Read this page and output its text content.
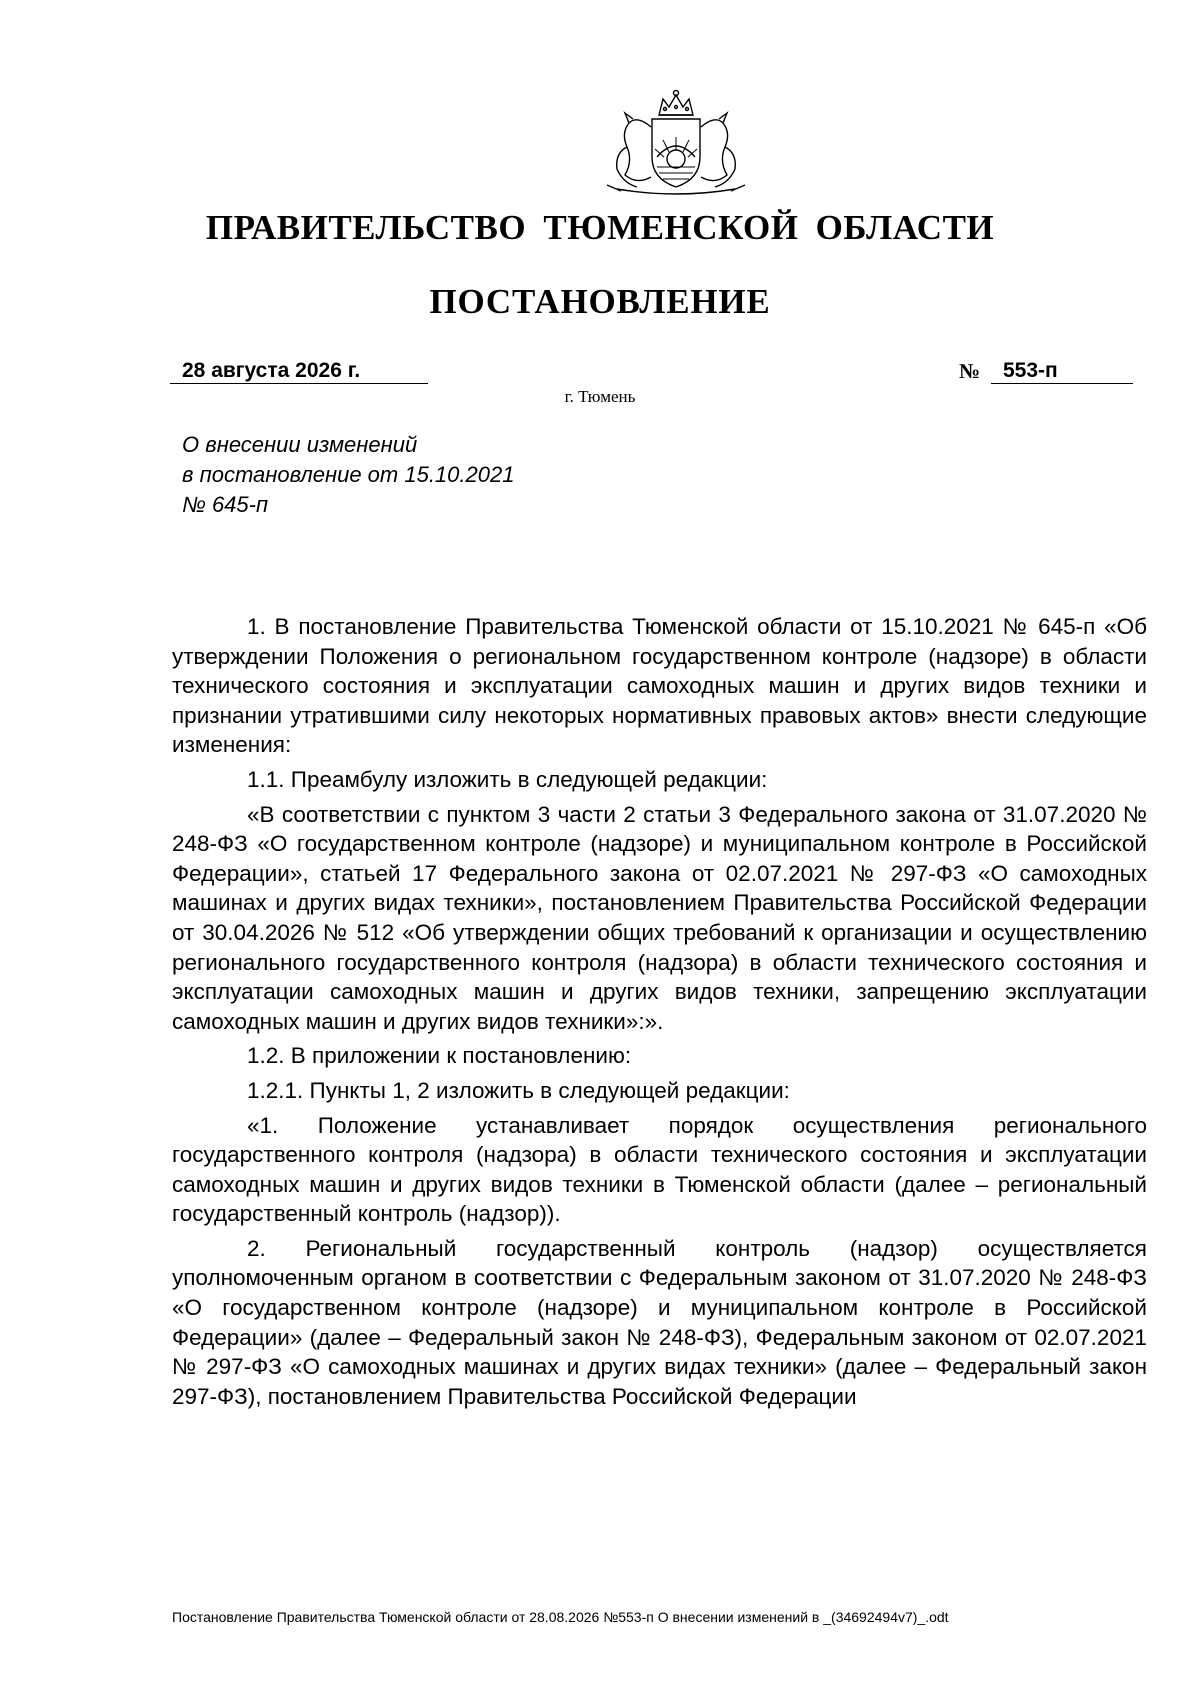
ПРАВИТЕЛЬСТВО ТЮМЕНСКОЙ ОБЛАСТИ
ПОСТАНОВЛЕНИЕ
28 августа 2026 г.	№	553-п
г. Тюмень
О внесении изменений
в постановление от 15.10.2021
№ 645-п

1. В постановление Правительства Тюменской области от 15.10.2021 № 645-п «Об утверждении Положения о региональном государственном контроле (надзоре) в области технического состояния и эксплуатации самоходных машин и других видов техники и признании утратившими силу некоторых нормативных правовых актов» внести следующие изменения:

1.1. Преамбулу изложить в следующей редакции:

«В соответствии с пунктом 3 части 2 статьи 3 Федерального закона от 31.07.2020 № 248-ФЗ «О государственном контроле (надзоре) и муниципальном контроле в Российской Федерации», статьей 17 Федерального закона от 02.07.2021 № 297-ФЗ «О самоходных машинах и других видах техники», постановлением Правительства Российской Федерации от 30.04.2026 № 512 «Об утверждении общих требований к организации и осуществлению регионального государственного контроля (надзора) в области технического состояния и эксплуатации самоходных машин и других видов техники, запрещению эксплуатации самоходных машин и других видов техники»:».

1.2. В приложении к постановлению:

1.2.1. Пункты 1, 2 изложить в следующей редакции:

«1. Положение устанавливает порядок осуществления регионального государственного контроля (надзора) в области технического состояния и эксплуатации самоходных машин и других видов техники в Тюменской области (далее – региональный государственный контроль (надзор)).

2. Региональный государственный контроль (надзор) осуществляется уполномоченным органом в соответствии с Федеральным законом от 31.07.2020 № 248-ФЗ «О государственном контроле (надзоре) и муниципальном контроле в Российской Федерации» (далее – Федеральный закон № 248-ФЗ), Федеральным законом от 02.07.2021 № 297-ФЗ «О самоходных машинах и других видах техники» (далее – Федеральный закон 297-ФЗ), постановлением Правительства Российской Федерации

Постановление Правительства Тюменской области от 28.08.2026 №553-п О внесении изменений в _(34692494v7)_.odt
